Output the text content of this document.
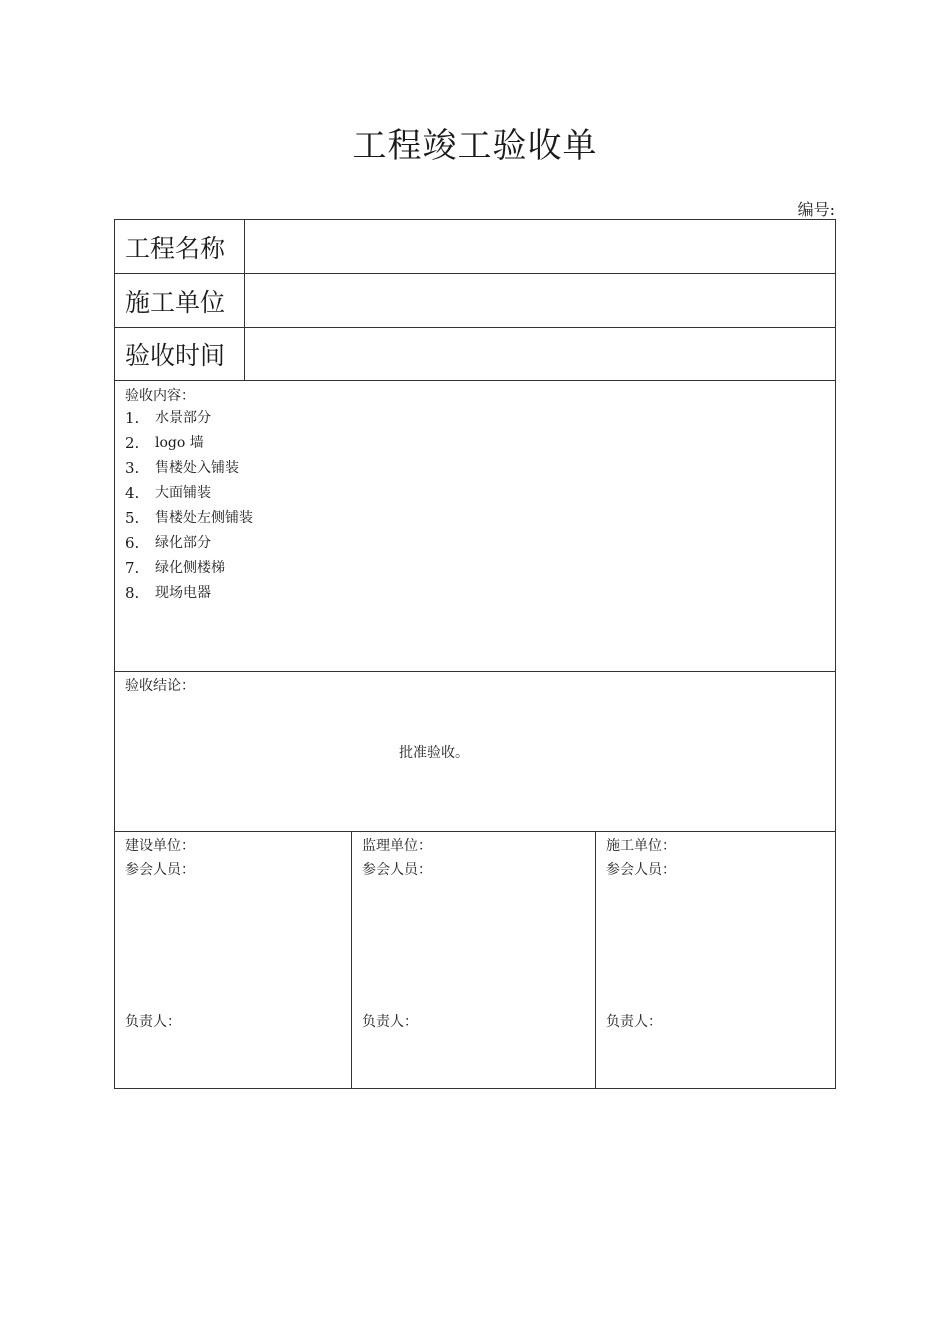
工程竣工验收单
编号:
工程名称
施工单位
验收时间
验收内容：
1.	水景部分
2.	logo 墙
3.	售楼处入铺装
4.	大面铺装
5.	售楼处左侧铺装
6.	绿化部分
7.	绿化侧楼梯
8.	现场电器
验收结论：
批准验收。
建设单位：
参会人员：
负责人：
监理单位：
参会人员：
负责人：
施工单位：
参会人员：
负责人：
